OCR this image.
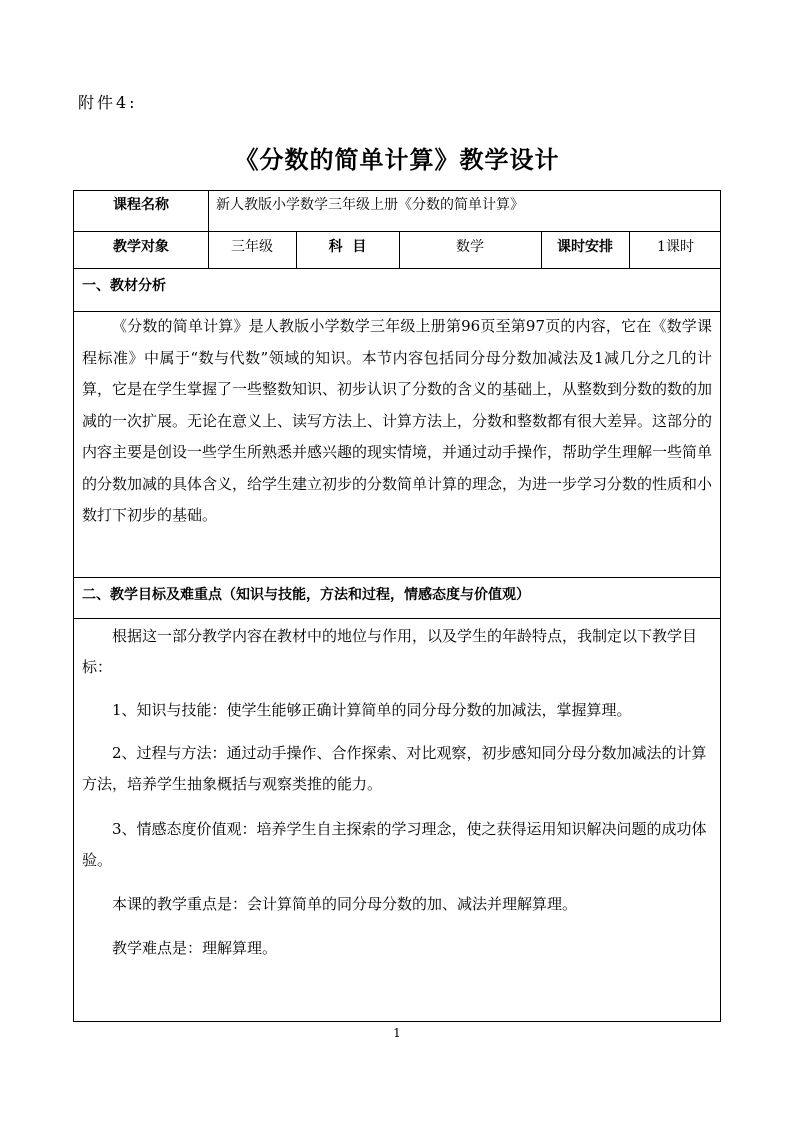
附件4:
《分数的简单计算》教学设计
课程名称	新人教版小学数学三年级上册《分数的简单计算》
教学对象	三年级	科  目	数学	课时安排	1课时
一、教材分析
《分数的简单计算》是人教版小学数学三年级上册第96页至第97页的内容，它在《数学课程标准》中属于“数与代数”领域的知识。本节内容包括同分母分数加减法及1减几分之几的计算，它是在学生掌握了一些整数知识、初步认识了分数的含义的基础上，从整数到分数的数的加减的一次扩展。无论在意义上、读写方法上、计算方法上，分数和整数都有很大差异。这部分的内容主要是创设一些学生所熟悉并感兴趣的现实情境，并通过动手操作，帮助学生理解一些简单的分数加减的具体含义，给学生建立初步的分数简单计算的理念，为进一步学习分数的性质和小数打下初步的基础。
二、教学目标及难重点（知识与技能，方法和过程，情感态度与价值观）
根据这一部分教学内容在教材中的地位与作用，以及学生的年龄特点，我制定以下教学目标：
1、知识与技能：使学生能够正确计算简单的同分母分数的加减法，掌握算理。
2、过程与方法：通过动手操作、合作探索、对比观察，初步感知同分母分数加减法的计算方法，培养学生抽象概括与观察类推的能力。
3、情感态度价值观：培养学生自主探索的学习理念，使之获得运用知识解决问题的成功体验。
本课的教学重点是：会计算简单的同分母分数的加、减法并理解算理。
教学难点是：理解算理。
1
